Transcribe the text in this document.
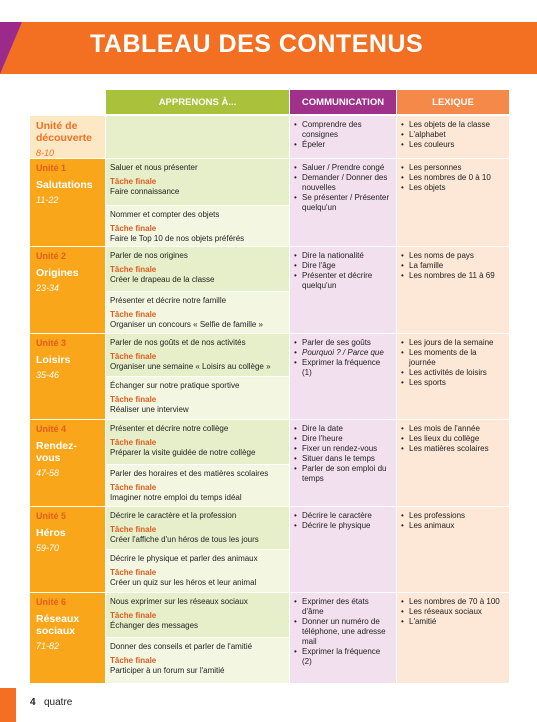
TABLEAU DES CONTENUS
APPRENONS À...	COMMUNICATION	LEXIQUE
Unité de découverte
8-10
• Comprendre des consignes
• Épeler
• Les objets de la classe
• L'alphabet
• Les couleurs
Unité 1
Salutations
11-22
Saluer et nous présenter
Tâche finale
Faire connaissance
Nommer et compter des objets
Tâche finale
Faire le Top 10 de nos objets préférés
• Saluer / Prendre congé
• Demander / Donner des nouvelles
• Se présenter / Présenter quelqu'un
• Les personnes
• Les nombres de 0 à 10
• Les objets
Unité 2
Origines
23-34
Parler de nos origines
Tâche finale
Créer le drapeau de la classe
Présenter et décrire notre famille
Tâche finale
Organiser un concours « Selfie de famille »
• Dire la nationalité
• Dire l'âge
• Présenter et décrire quelqu'un
• Les noms de pays
• La famille
• Les nombres de 11 à 69
Unité 3
Loisirs
35-46
Parler de nos goûts et de nos activités
Tâche finale
Organiser une semaine « Loisirs au collège »
Échanger sur notre pratique sportive
Tâche finale
Réaliser une interview
• Parler de ses goûts
• Pourquoi ? / Parce que
• Exprimer la fréquence (1)
• Les jours de la semaine
• Les moments de la journée
• Les activités de loisirs
• Les sports
Unité 4
Rendez-vous
47-58
Présenter et décrire notre collège
Tâche finale
Préparer la visite guidée de notre collège
Parler des horaires et des matières scolaires
Tâche finale
Imaginer notre emploi du temps idéal
• Dire la date
• Dire l'heure
• Fixer un rendez-vous
• Situer dans le temps
• Parler de son emploi du temps
• Les mois de l'année
• Les lieux du collège
• Les matières scolaires
Unité 5
Héros
59-70
Décrire le caractère et la profession
Tâche finale
Créer l'affiche d'un héros de tous les jours
Décrire le physique et parler des animaux
Tâche finale
Créer un quiz sur les héros et leur animal
• Décrire le caractère
• Décrire le physique
• Les professions
• Les animaux
Unité 6
Réseaux sociaux
71-82
Nous exprimer sur les réseaux sociaux
Tâche finale
Échanger des messages
Donner des conseils et parler de l'amitié
Tâche finale
Participer à un forum sur l'amitié
• Exprimer des états d'âme
• Donner un numéro de téléphone, une adresse mail
• Exprimer la fréquence (2)
• Les nombres de 70 à 100
• Les réseaux sociaux
• L'amitié
4 quatre
